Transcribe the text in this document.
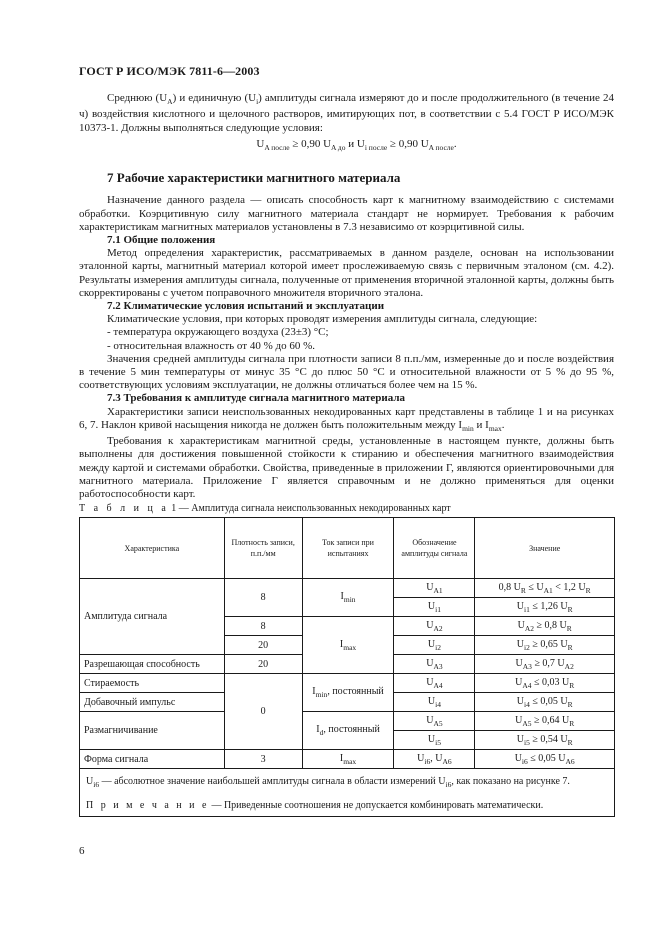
ГОСТ Р ИСО/МЭК 7811-6—2003

Среднюю $(U_A)$ и единичную $(U_i)$ амплитуды сигнала измеряют до и после продолжительного (в течение 24 ч) воздействия кислотного и щелочного растворов, имитирующих пот, в соответствии с 5.4 ГОСТ Р ИСО/МЭК 10373-1. Должны выполняться следующие условия:

$U_{A после} \ge 0,90$ $U_{A до}$ и $U_{i после} \ge 0,90$ $U_{A после}$.
7 Рабочие характеристики магнитного материала

Назначение данного раздела — описать способность карт к магнитному взаимодействию с системами обработки. Коэрцитивную силу магнитного материала стандарт не нормирует. Требования к рабочим характеристикам магнитных материалов установлены в 7.3 независимо от коэрцитивной силы.

7.1 Общие положения

Метод определения характеристик, рассматриваемых в данном разделе, основан на использовании эталонной карты, магнитный материал которой имеет прослеживаемую связь с первичным эталоном (см. 4.2). Результаты измерения амплитуды сигнала, полученные от применения вторичной эталонной карты, должны быть скорректированы с учетом поправочного множителя вторичного эталона.

7.2 Климатические условия испытаний и эксплуатации

Климатические условия, при которых проводят измерения амплитуды сигнала, следующие:

- температура окружающего воздуха (23±3) °С;

- относительная влажность от 40 % до 60 %.

Значения средней амплитуды сигнала при плотности записи 8 п.п./мм, измеренные до и после воздействия в течение 5 мин температуры от минус 35 °С до плюс 50 °С и относительной влажности от 5 % до 95 %, соответствующих условиям эксплуатации, не должны отличаться более чем на 15 %.

7.3 Требования к амплитуде сигнала магнитного материала

Характеристики записи неиспользованных некодированных карт представлены в таблице 1 и на рисунках 6, 7. Наклон кривой насыщения никогда не должен быть положительным между $I_{min}$ и $I_{max}$.

Требования к характеристикам магнитной среды, установленные в настоящем пункте, должны быть выполнены для достижения повышенной стойкости к стиранию и обеспечения магнитного взаимодействия между картой и системами обработки. Свойства, приведенные в приложении Г, являются ориентировочными для магнитного материала. Приложение Г является справочным и не должно применяться для оценки работоспособности карт.

Т а б л и ц а 1 — Амплитуда сигнала неиспользованных некодированных карт
Характеристика	Плотность записи, п.п./мм	Ток записи при испытаниях	Обозначение амплитуды сигнала	Значение
Амплитуда сигнала	8	$I_{min}$	$U_{A1}$	0,8 $U_R \le U_{A1} < 1,2$ $U_R$
			$U_{i1}$	$U_{i1} \le 1,26$ $U_R$
	8	$I_{max}$	$U_{A2}$	$U_{A2} \ge 0,8$ $U_R$
	20		$U_{i2}$	$U_{i2} \ge 0,65$ $U_R$
Разрешающая способность	20		$U_{A3}$	$U_{A3} \ge 0,7$ $U_{A2}$
Стираемость	0	$I_{min}$, постоянный	$U_{A4}$	$U_{A4} \le 0,03$ $U_R$
Добавочный импульс			$U_{i4}$	$U_{i4} \le 0,05$ $U_R$
Размагничивание		$I_d$, постоянный	$U_{A5}$	$U_{A5} \ge 0,64$ $U_R$
			$U_{i5}$	$U_{i5} \ge 0,54$ $U_R$
Форма сигнала	3	$I_{max}$	$U_{i6}$, $U_{A6}$	$U_{i6} \le 0,05$ $U_{A6}$

$U_{i6}$ — абсолютное значение наибольшей амплитуды сигнала в области измерений $U_{i6}$, как показано на рисунке 7.

П р и м е ч а н и е — Приведенные соотношения не допускается комбинировать математически.				

6
